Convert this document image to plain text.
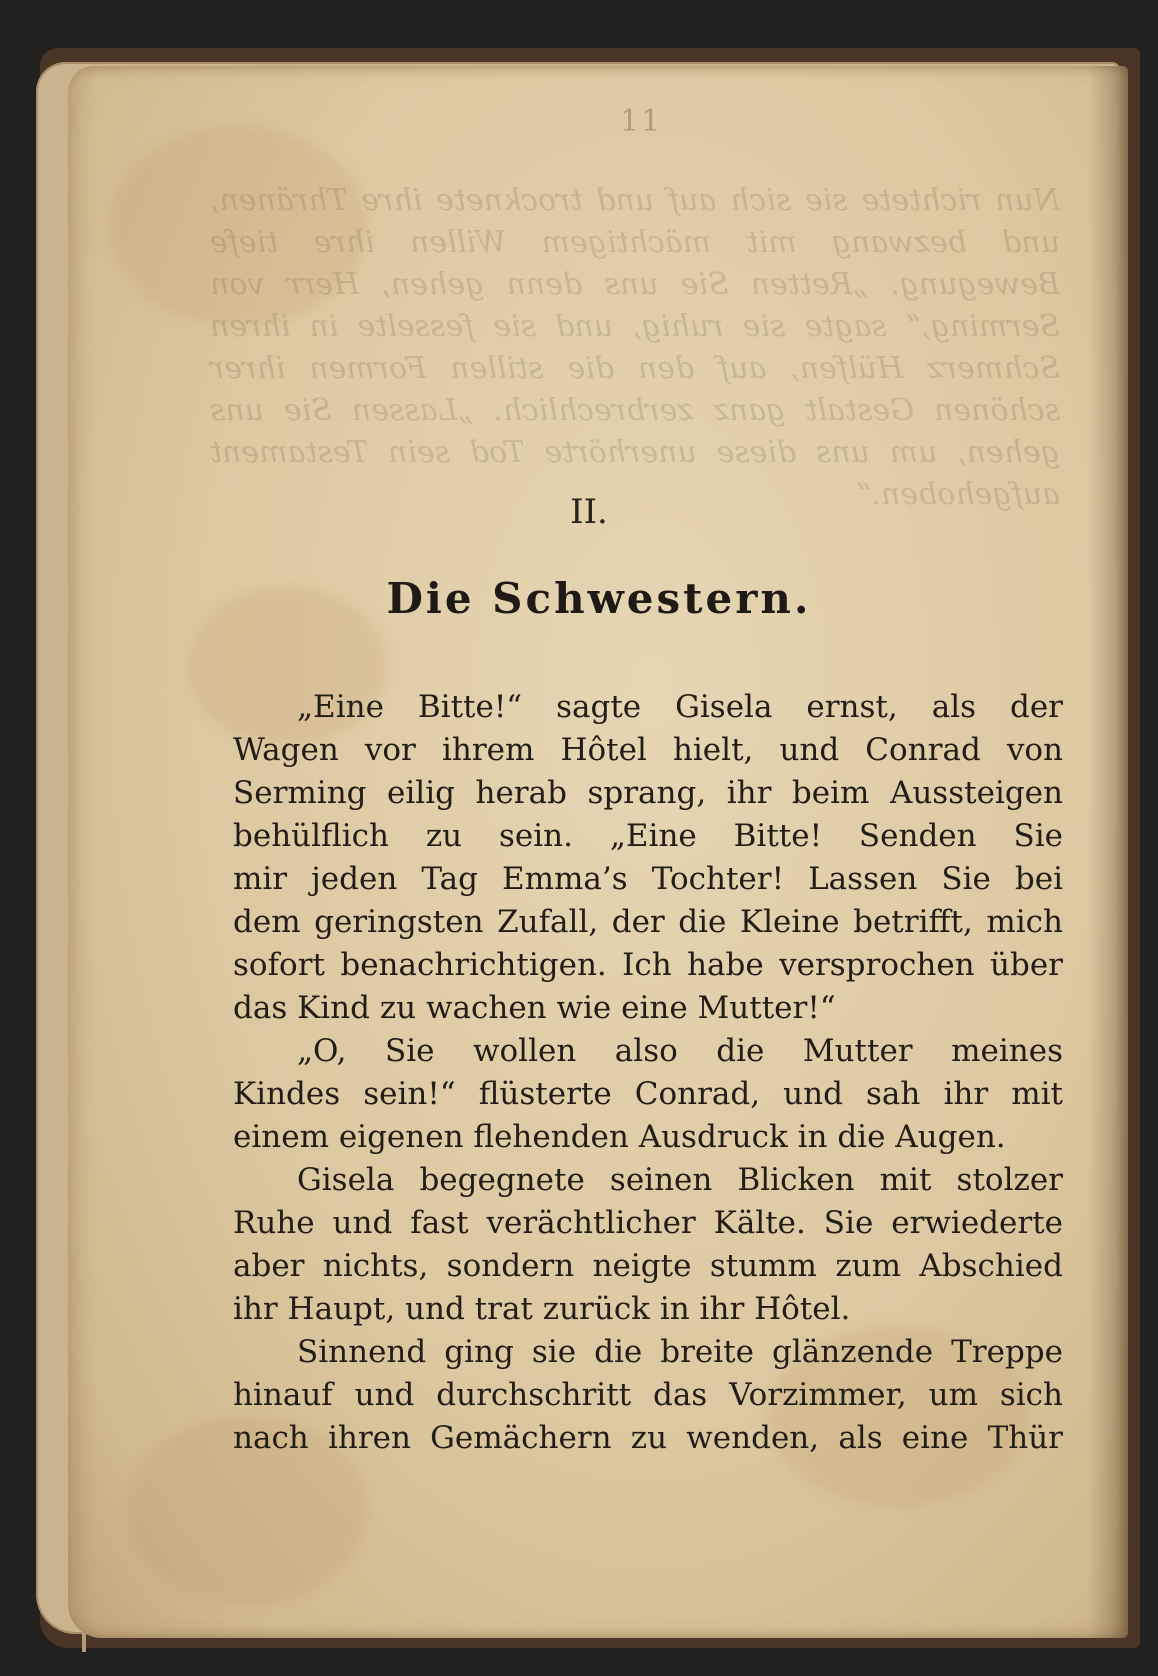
11
Nun richtete sie sich auf und trocknete ihre Thränen, und bezwang mit mächtigem Willen ihre tiefe Bewegung. „Retten Sie uns denn gehen, Herr von Serming,“ sagte sie ruhig, und sie fesselte in ihren Schmerz Hülfen, auf den die stillen Formen ihrer schönen Gestalt ganz zerbrechlich. „Lassen Sie uns gehen, um uns diese unerhörte Tod sein Testament aufgehoben.“
II.
Die Schwestern.
„Eine Bitte!“ sagte Gisela ernst, als der
Wagen vor ihrem Hôtel hielt, und Conrad von
Serming eilig herab sprang, ihr beim Aussteigen
behülflich zu sein. „Eine Bitte! Senden Sie
mir jeden Tag Emma’s Tochter! Lassen Sie bei
dem geringsten Zufall, der die Kleine betrifft, mich
sofort benachrichtigen. Ich habe versprochen über
das Kind zu wachen wie eine Mutter!“
„O, Sie wollen also die Mutter meines
Kindes sein!“ flüsterte Conrad, und sah ihr mit
einem eigenen flehenden Ausdruck in die Augen.
Gisela begegnete seinen Blicken mit stolzer
Ruhe und fast verächtlicher Kälte. Sie erwiederte
aber nichts, sondern neigte stumm zum Abschied
ihr Haupt, und trat zurück in ihr Hôtel.
Sinnend ging sie die breite glänzende Treppe
hinauf und durchschritt das Vorzimmer, um sich
nach ihren Gemächern zu wenden, als eine Thür
